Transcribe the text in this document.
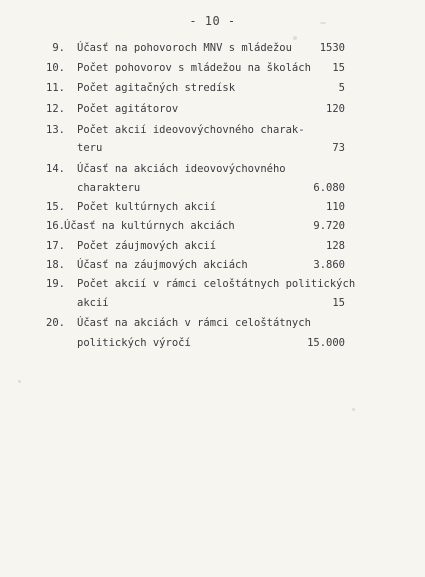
- 10 -
9. Účasť na pohovoroch MNV s mládežou	1530
10. Počet pohovorov s mládežou na školách 15
11. Počet agitačných stredísk	5
12. Počet agitátorov	120
13. Počet akcií ideovovýchovného charak-
teru	73
14. Účasť na akciách ideovovýchovného
charakteru	6.080
15. Počet kultúrnych akcií	110
16. Účasť na kultúrnych akciách	9.720
17. Počet záujmových akcií	128
18. Účasť na záujmových akciách	3.860
19. Počet akcií v rámci celoštátnych politických
akcií	15
20. Účasť na akciách v rámci celoštátnych
politických výročí	15.000
